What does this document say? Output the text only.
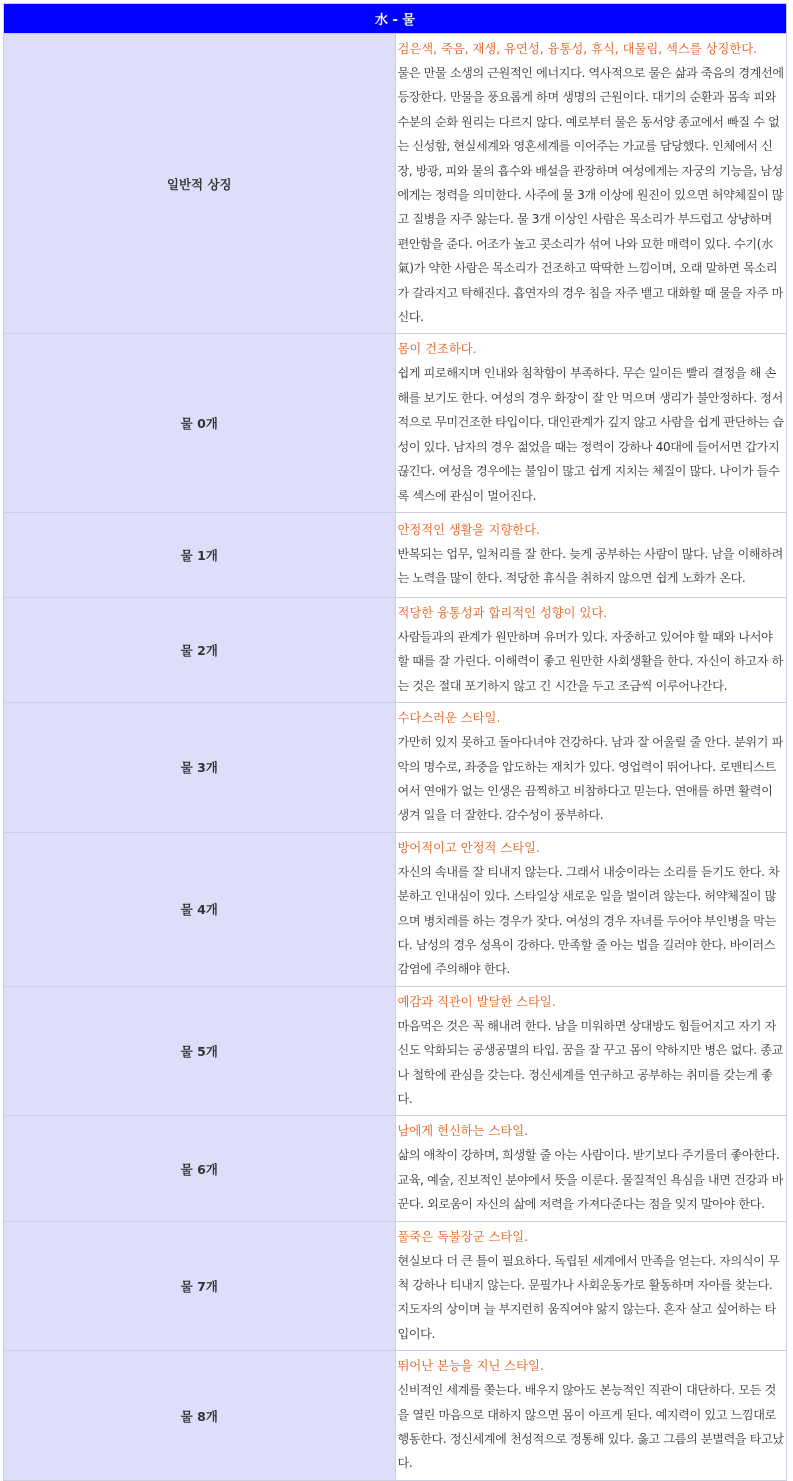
水 - 물	
일반적 상징	검은색, 죽음, 재생, 유연성, 융통성, 휴식, 대물림, 섹스를 상징한다.
물은 만물 소생의 근원적인 에너지다. 역사적으로 물은 삶과 죽음의 경계선에 등장한다. 만물을 풍요롭게 하며 생명의 근원이다. 대기의 순환과 몸속 피와 수분의 순화 원리는 다르지 않다. 예로부터 물은 동서양 종교에서 빠질 수 없는 신성함, 현실세계와 영혼세계를 이어주는 가교를 담당했다. 인체에서 신장, 방광, 피와 물의 흡수와 배설을 관장하며 여성에게는 자궁의 기능을, 남성에게는 정력을 의미한다. 사주에 물 3개 이상에 원진이 있으면 허약체질이 많고 질병을 자주 앓는다. 물 3개 이상인 사람은 목소리가 부드럽고 상냥하며 편안함을 준다. 어조가 높고 콧소리가 섞여 나와 묘한 매력이 있다. 수기(水氣)가 약한 사람은 목소리가 건조하고 딱딱한 느낌이며, 오래 말하면 목소리가 갈라지고 탁해진다. 흡연자의 경우 침을 자주 뱉고 대화할 때 물을 자주 마신다.

물 0개	몸이 건조하다.
쉽게 피로해지며 인내와 침착함이 부족하다. 무슨 일이든 빨리 결정을 해 손해를 보기도 한다. 여성의 경우 화장이 잘 안 먹으며 생리가 불안정하다. 정서적으로 무미건조한 타입이다. 대인관계가 깊지 않고 사람을 쉽게 판단하는 습성이 있다. 남자의 경우 젊었을 때는 정력이 강하나 40대에 들어서면 갑가지 끊긴다. 여성을 경우에는 불임이 많고 쉽게 지치는 체질이 많다. 나이가 들수록 섹스에 관심이 멀어진다.

물 1개	안정적인 생활을 지향한다.
반복되는 업무, 일처리를 잘 한다. 늦게 공부하는 사람이 많다. 남을 이해하려는 노력을 많이 한다. 적당한 휴식을 취하지 않으면 쉽게 노화가 온다.

물 2개	적당한 융통성과 합리적인 성향이 있다.
사람들과의 관계가 원만하며 유머가 있다. 자중하고 있어야 할 때와 나서야 할 때를 잘 가린다. 이해력이 좋고 원만한 사회생활을 한다. 자신이 하고자 하는 것은 절대 포기하지 않고 긴 시간을 두고 조금씩 이루어나간다.

물 3개	수다스러운 스타일.
가만히 있지 못하고 돌아다녀야 건강하다. 남과 잘 어울릴 줄 안다. 분위기 파악의 명수로, 좌중을 압도하는 재치가 있다. 영업력이 뛰어나다. 로맨티스트여서 연애가 없는 인생은 끔찍하고 비참하다고 믿는다. 연애를 하면 활력이 생겨 일을 더 잘한다. 감수성이 풍부하다.

물 4개	방어적이고 안정적 스타일.
자신의 속내를 잘 티내지 않는다. 그래서 내숭이라는 소리를 듣기도 한다. 차분하고 인내심이 있다. 스타일상 새로운 일을 벌이려 않는다. 허약체질이 많으며 병치레를 하는 경우가 잦다. 여성의 경우 자녀를 두어야 부인병을 막는다. 남성의 경우 성욕이 강하다. 만족할 줄 아는 법을 길러야 한다. 바이러스 감염에 주의해야 한다.

물 5개	예감과 직관이 발달한 스타일.
마음먹은 것은 꼭 해내려 한다. 남을 미워하면 상대방도 힘들어지고 자기 자신도 악화되는 공생공멸의 타입. 꿈을 잘 꾸고 몸이 약하지만 병은 없다. 종교나 철학에 관심을 갖는다. 정신세계를 연구하고 공부하는 취미를 갖는게 좋다.

물 6개	남에게 헌신하는 스타일.
삶의 애착이 강하며, 희생할 줄 아는 사람이다. 받기보다 주기를더 좋아한다. 교육, 예술, 진보적인 분야에서 뜻을 이룬다. 물질적인 욕심을 내면 건강과 바꾼다. 외로움이 자신의 삶에 저력을 가져다준다는 점을 잊지 말아야 한다.

물 7개	풀죽은 독불장군 스타일.
현실보다 더 큰 틀이 필요하다. 독립된 세계에서 만족을 얻는다. 자의식이 무척 강하나 티내지 않는다. 문필가나 사회운동가로 활동하며 자아를 찾는다. 지도자의 상이며 늘 부지런히 움직여야 앓지 않는다. 혼자 살고 싶어하는 타입이다.

물 8개	뛰어난 본능을 지닌 스타일.
신비적인 세계를 쫒는다. 배우지 않아도 본능적인 직관이 대단하다. 모든 것을 열린 마음으로 대하지 않으면 몸이 아프게 된다. 예지력이 있고 느낌대로 행동한다. 정신세계에 천성적으로 정통해 있다. 옳고 그름의 분별력을 타고났다.
